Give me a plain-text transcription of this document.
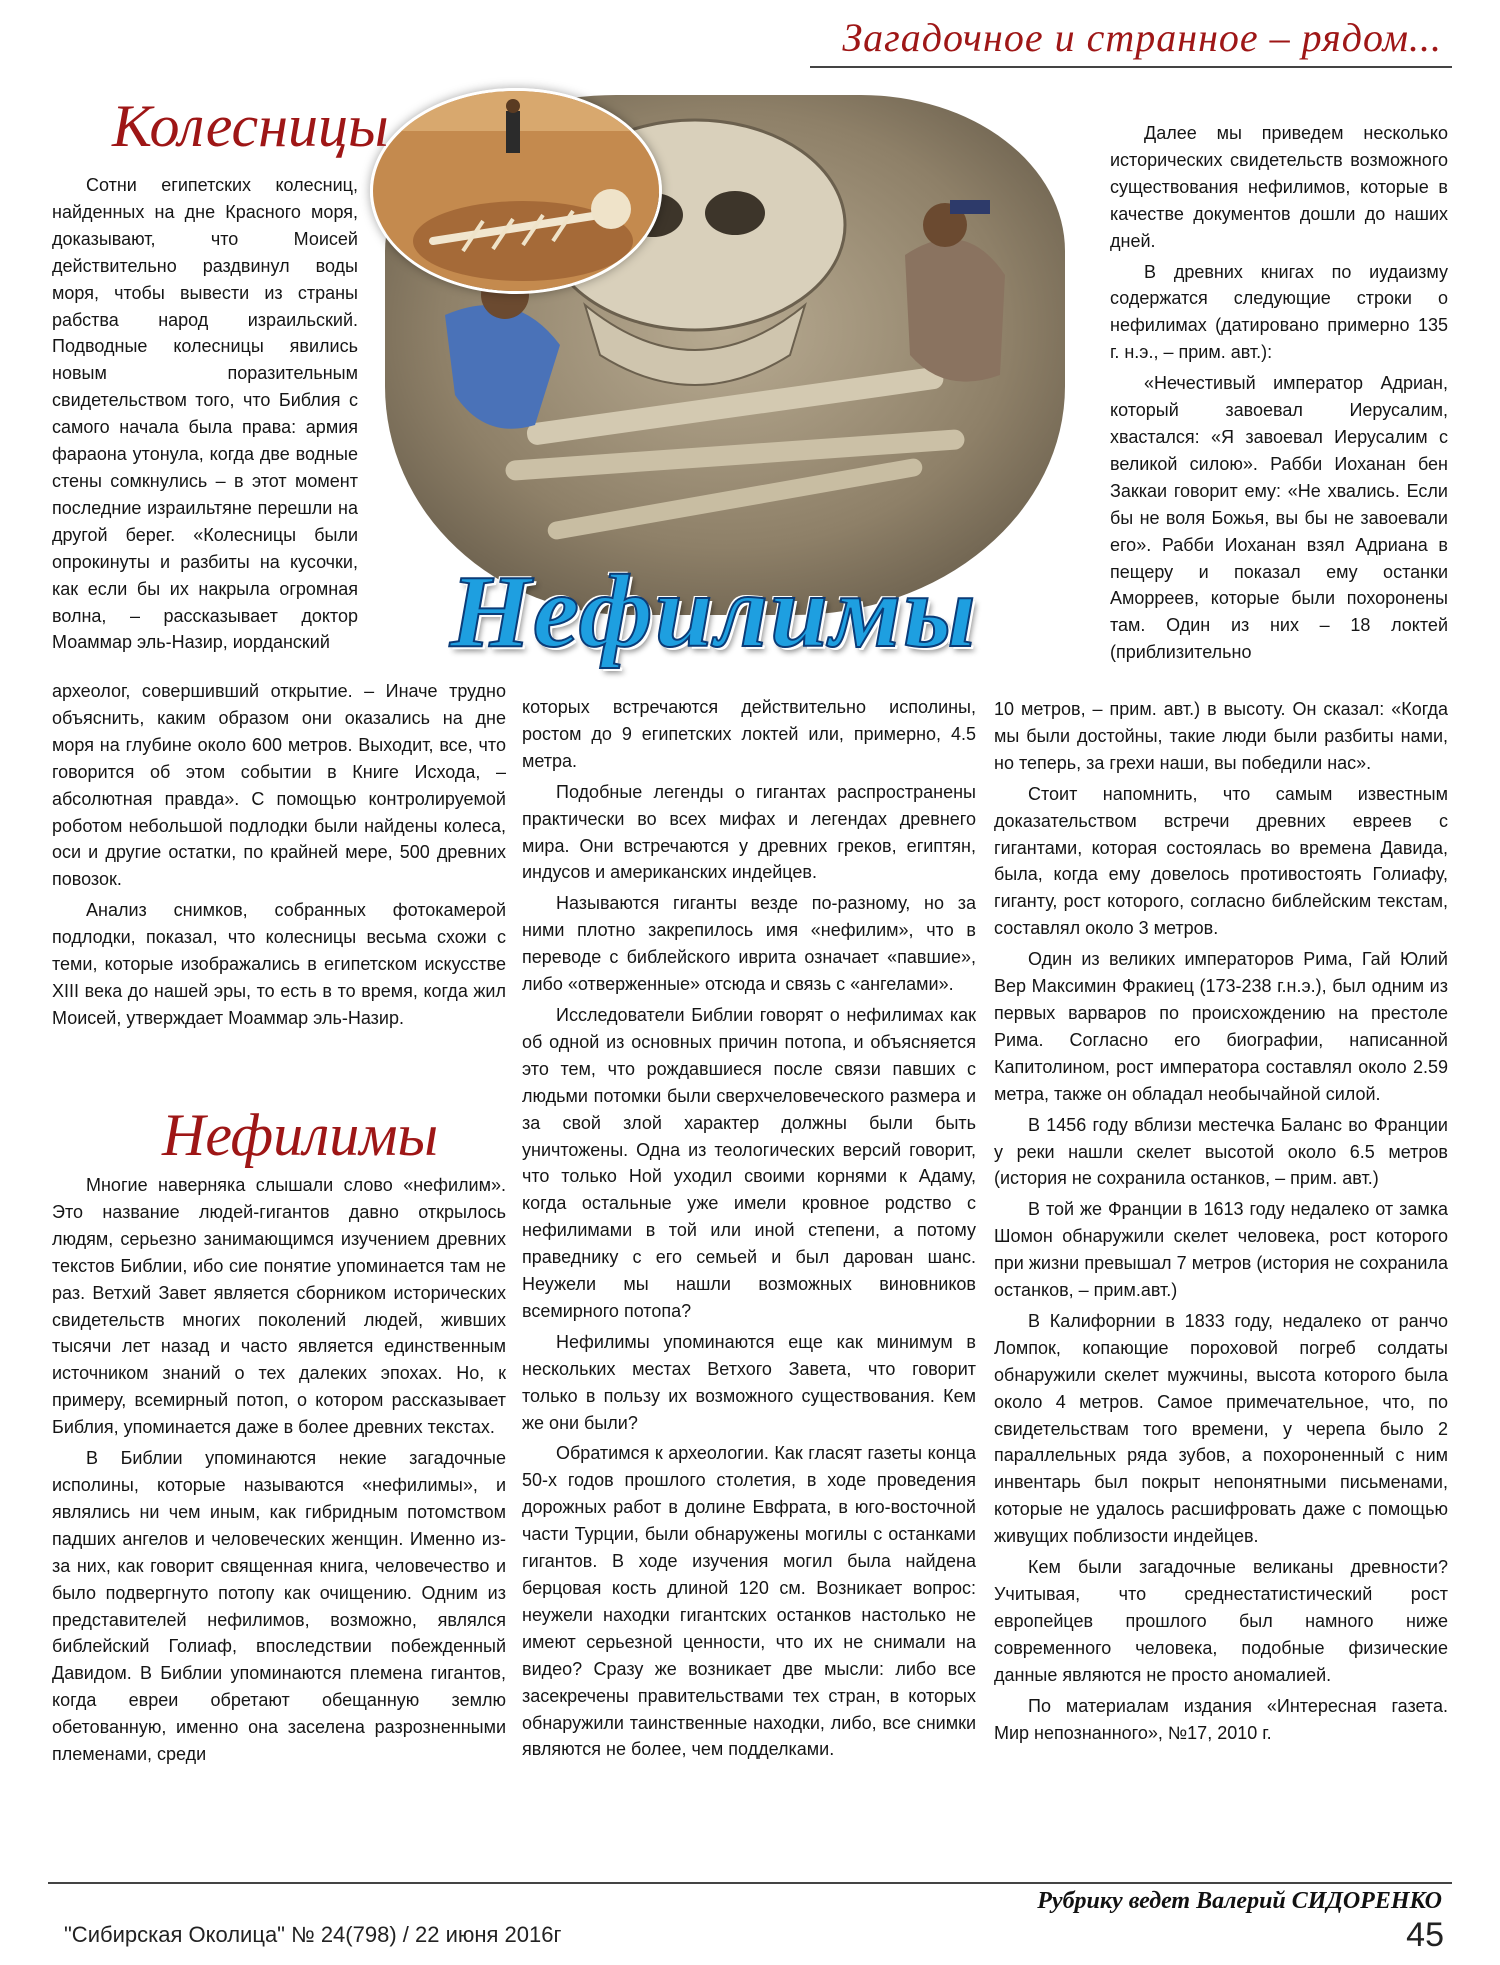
Загадочное и странное – рядом...
Нефилимы
Колесницы
Нефилимы

Сотни египетских колесниц, найденных на дне Красного моря, доказывают, что Моисей действительно раздвинул воды моря, чтобы вывести из страны рабства народ израильский. Подводные колесницы явились новым поразительным свидетельством того, что Библия с самого начала была права: армия фараона утонула, когда две водные стены сомкнулись – в этот момент последние израильтяне перешли на другой берег. «Колесницы были опрокинуты и разбиты на кусочки, как если бы их накрыла огромная волна, – рассказывает доктор Моаммар эль-Назир, иорданский

археолог, совершивший открытие. – Иначе трудно объяснить, каким образом они оказались на дне моря на глубине около 600 метров. Выходит, все, что говорится об этом событии в Книге Исхода, – абсолютная правда». С помощью контролируемой роботом небольшой подлодки были найдены колеса, оси и другие остатки, по крайней мере, 500 древних повозок.

Анализ снимков, собранных фотокамерой подлодки, показал, что колесницы весьма схожи с теми, которые изображались в египетском искусстве XIII века до нашей эры, то есть в то время, когда жил Моисей, утверждает Моаммар эль-Назир.

Многие наверняка слышали слово «нефилим». Это название людей-гигантов давно открылось людям, серьезно занимающимся изучением древних текстов Библии, ибо сие понятие упоминается там не раз. Ветхий Завет является сборником исторических свидетельств многих поколений людей, живших тысячи лет назад и часто является единственным источником знаний о тех далеких эпохах. Но, к примеру, всемирный потоп, о котором рассказывает Библия, упоминается даже в более древних текстах.

В Библии упоминаются некие загадочные исполины, которые называются «нефилимы», и являлись ни чем иным, как гибридным потомством падших ангелов и человеческих женщин. Именно из-за них, как говорит священная книга, человечество и было подвергнуто потопу как очищению. Одним из представителей нефилимов, возможно, являлся библейский Голиаф, впоследствии побежденный Давидом. В Библии упоминаются племена гигантов, когда евреи обретают обещанную землю обетованную, именно она заселена разрозненными племенами, среди

которых встречаются действительно исполины, ростом до 9 египетских локтей или, примерно, 4.5 метра.

Подобные легенды о гигантах распространены практически во всех мифах и легендах древнего мира. Они встречаются у древних греков, египтян, индусов и американских индейцев.

Называются гиганты везде по-разному, но за ними плотно закрепилось имя «нефилим», что в переводе с библейского иврита означает «павшие», либо «отверженные» отсюда и связь с «ангелами».

Исследователи Библии говорят о нефилимах как об одной из основных причин потопа, и объясняется это тем, что рождавшиеся после связи павших с людьми потомки были сверхчеловеческого размера и за свой злой характер должны были быть уничтожены. Одна из теологических версий говорит, что только Ной уходил своими корнями к Адаму, когда остальные уже имели кровное родство с нефилимами в той или иной степени, а потому праведнику с его семьей и был дарован шанс. Неужели мы нашли возможных виновников всемирного потопа?

Нефилимы упоминаются еще как минимум в нескольких местах Ветхого Завета, что говорит только в пользу их возможного существования. Кем же они были?

Обратимся к археологии. Как гласят газеты конца 50-х годов прошлого столетия, в ходе проведения дорожных работ в долине Евфрата, в юго-восточной части Турции, были обнаружены могилы с останками гигантов. В ходе изучения могил была найдена берцовая кость длиной 120 см. Возникает вопрос: неужели находки гигантских останков настолько не имеют серьезной ценности, что их не снимали на видео? Сразу же возникает две мысли: либо все засекречены правительствами тех стран, в которых обнаружили таинственные находки, либо, все снимки являются не более, чем подделками.

Далее мы приведем несколько исторических свидетельств возможного существования нефилимов, которые в качестве документов дошли до наших дней.

В древних книгах по иудаизму содержатся следующие строки о нефилимах (датировано примерно 135 г. н.э., – прим. авт.):

«Нечестивый император Адриан, который завоевал Иерусалим, хвастался: «Я завоевал Иерусалим с великой силою». Рабби Иоханан бен Заккаи говорит ему: «Не хвались. Если бы не воля Божья, вы бы не завоевали его». Рабби Иоханан взял Адриана в пещеру и показал ему останки Аморреев, которые были похоронены там. Один из них – 18 локтей (приблизительно

10 метров, – прим. авт.) в высоту. Он сказал: «Когда мы были достойны, такие люди были разбиты нами, но теперь, за грехи наши, вы победили нас».

Стоит напомнить, что самым известным доказательством встречи древних евреев с гигантами, которая состоялась во времена Давида, была, когда ему довелось противостоять Голиафу, гиганту, рост которого, согласно библейским текстам, составлял около 3 метров.

Один из великих императоров Рима, Гай Юлий Вер Максимин Фракиец (173-238 г.н.э.), был одним из первых варваров по происхождению на престоле Рима. Согласно его биографии, написанной Капитолином, рост императора составлял около 2.59 метра, также он обладал необычайной силой.

В 1456 году вблизи местечка Баланс во Франции у реки нашли скелет высотой около 6.5 метров (история не сохранила останков, – прим. авт.)

В той же Франции в 1613 году недалеко от замка Шомон обнаружили скелет человека, рост которого при жизни превышал 7 метров (история не сохранила останков, – прим.авт.)

В Калифорнии в 1833 году, недалеко от ранчо Ломпок, копающие пороховой погреб солдаты обнаружили скелет мужчины, высота которого была около 4 метров. Самое примечательное, что, по свидетельствам того времени, у черепа было 2 параллельных ряда зубов, а похороненный с ним инвентарь был покрыт непонятными письменами, которые не удалось расшифровать даже с помощью живущих поблизости индейцев.

Кем были загадочные великаны древности? Учитывая, что среднестатистический рост европейцев прошлого был намного ниже современного человека, подобные физические данные являются не просто аномалией.

По материалам издания «Интересная газета. Мир непознанного», №17, 2010 г.

Рубрику ведет Валерий СИДОРЕНКО
"Сибирская Околица" № 24(798) / 22 июня 2016г	45
